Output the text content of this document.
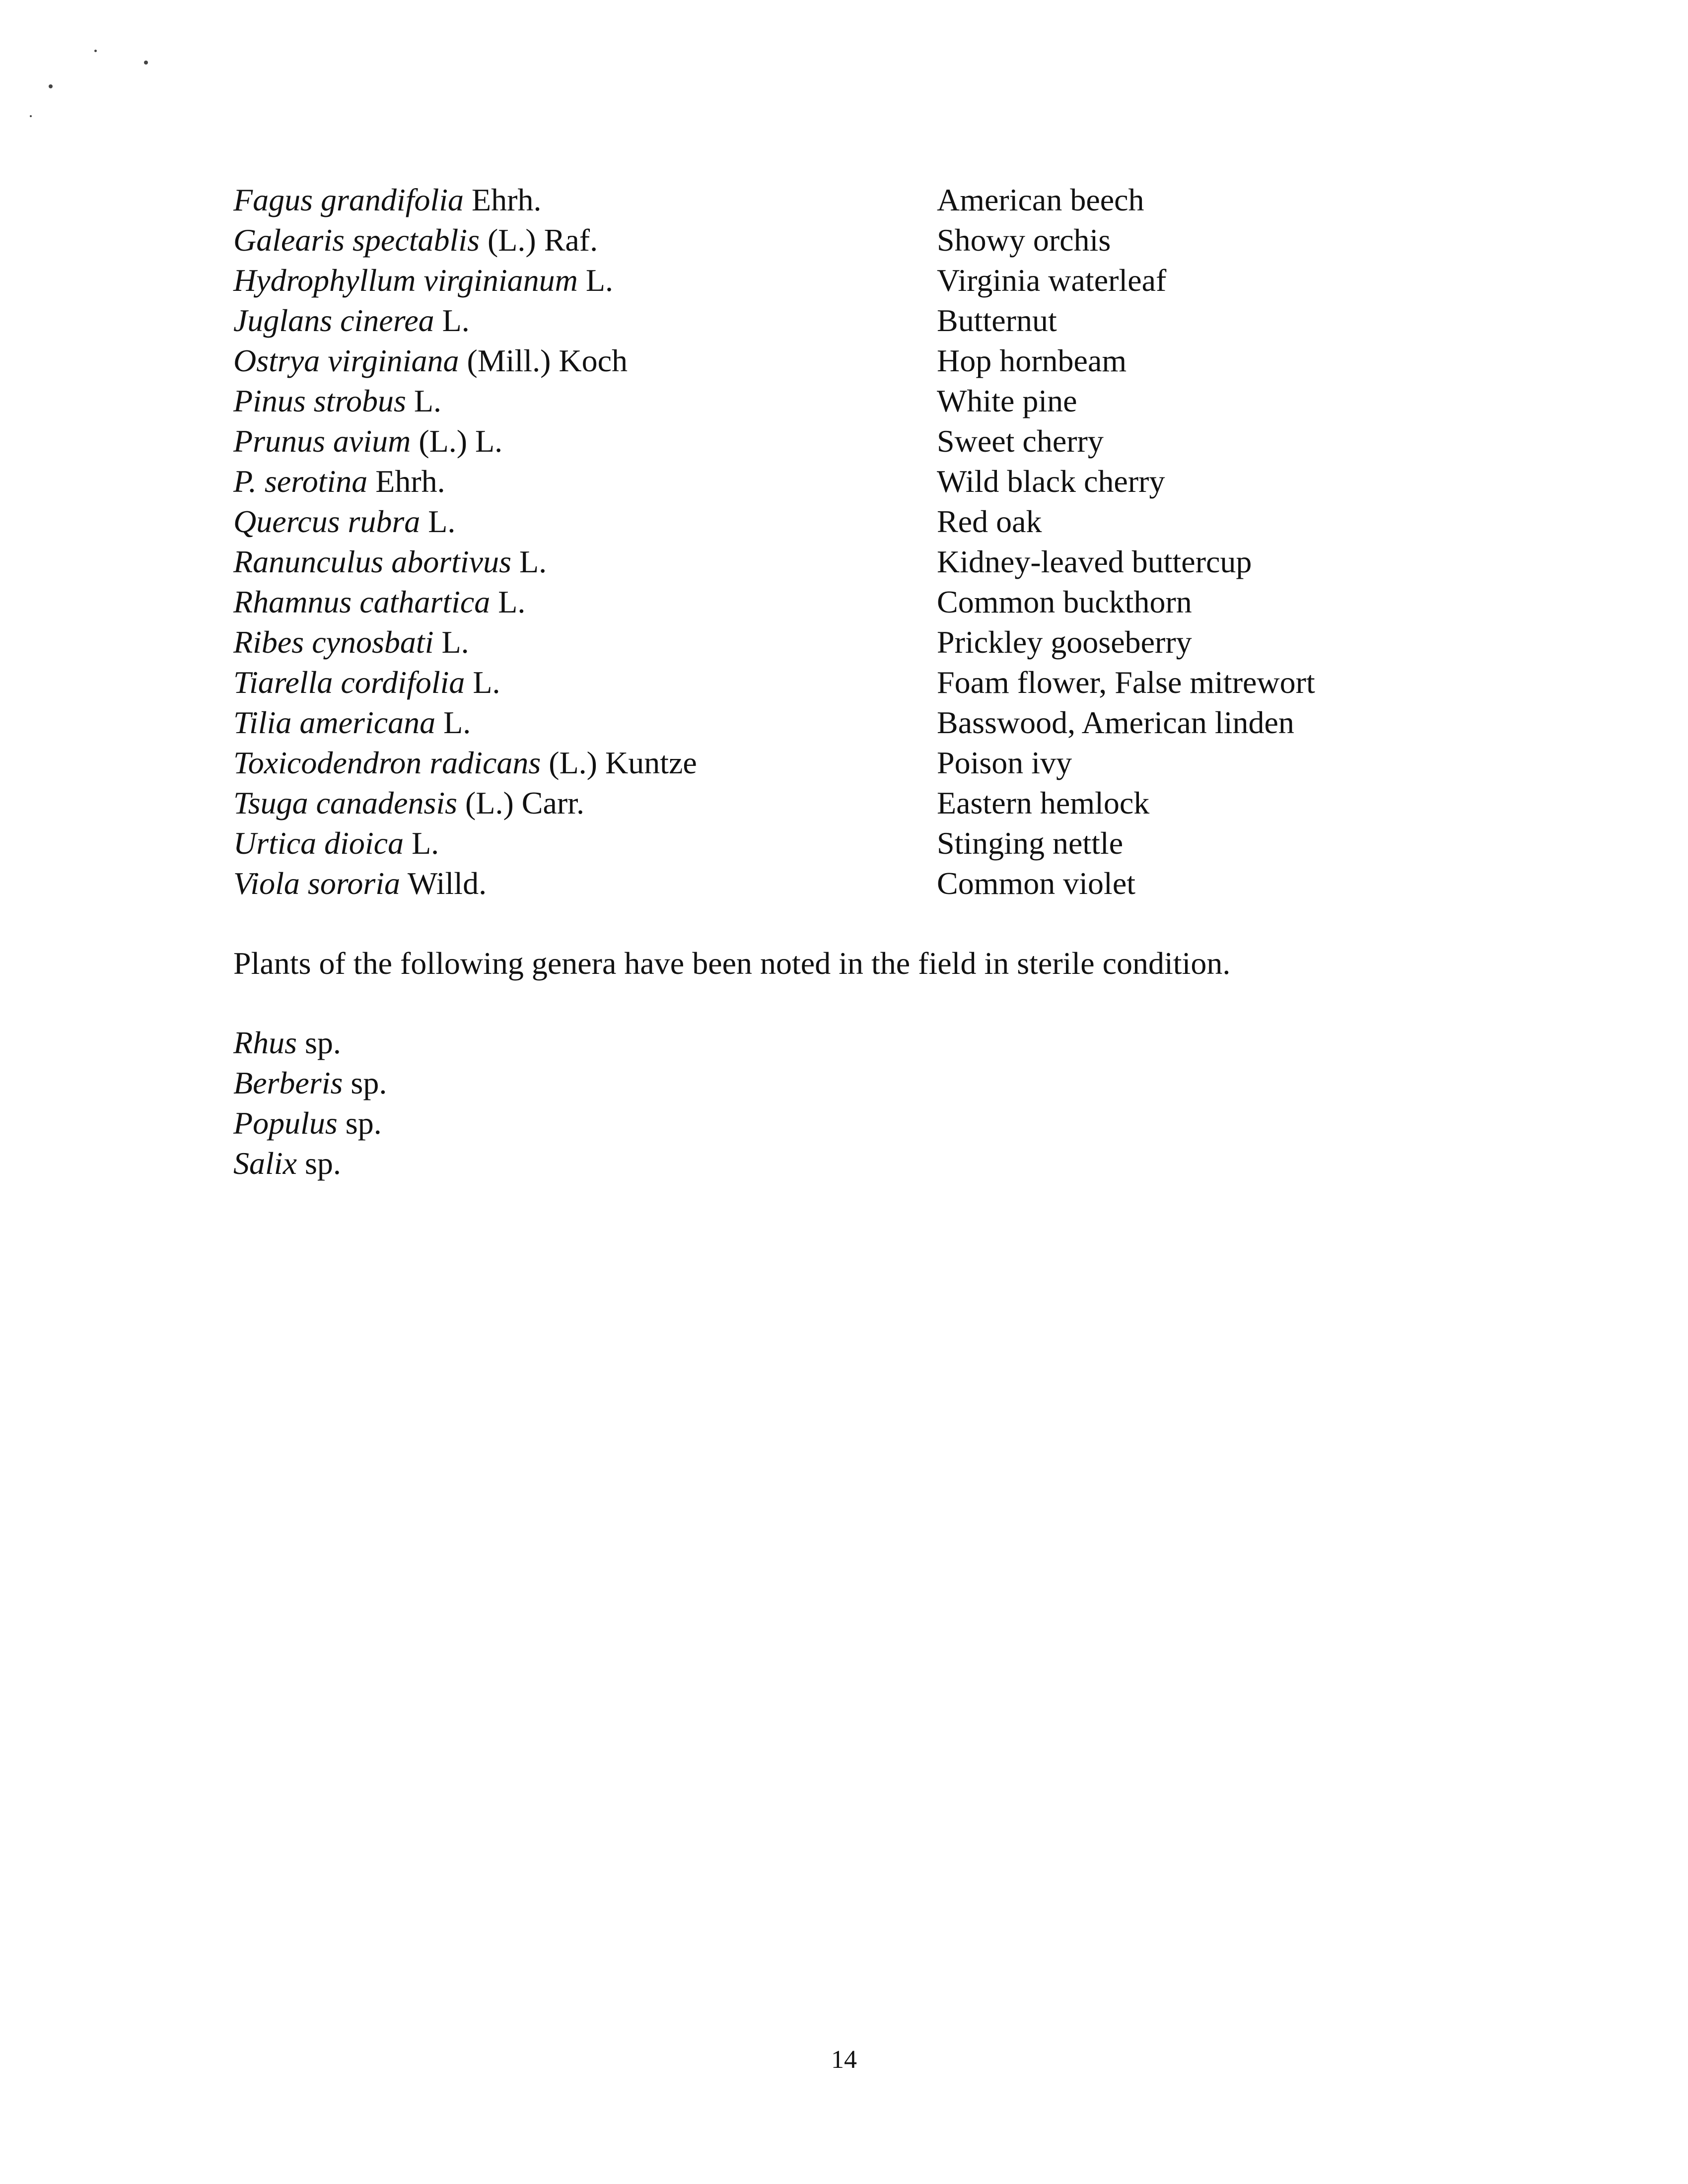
Fagus grandifolia Ehrh.	American beech
Galearis spectablis (L.) Raf.	Showy orchis
Hydrophyllum virginianum L.	Virginia waterleaf
Juglans cinerea L.	Butternut
Ostrya virginiana (Mill.) Koch	Hop hornbeam
Pinus strobus L.	White pine
Prunus avium (L.) L.	Sweet cherry
P. serotina Ehrh.	Wild black cherry
Quercus rubra L.	Red oak
Ranunculus abortivus L.	Kidney-leaved buttercup
Rhamnus cathartica L.	Common buckthorn
Ribes cynosbati L.	Prickley gooseberry
Tiarella cordifolia L.	Foam flower, False mitrewort
Tilia americana L.	Basswood, American linden
Toxicodendron radicans (L.) Kuntze	Poison ivy
Tsuga canadensis (L.) Carr.	Eastern hemlock
Urtica dioica L.	Stinging nettle
Viola sororia Willd.	Common violet
Plants of the following genera have been noted in the field in sterile condition.
Rhus sp.
Berberis sp.
Populus sp.
Salix sp.
14
